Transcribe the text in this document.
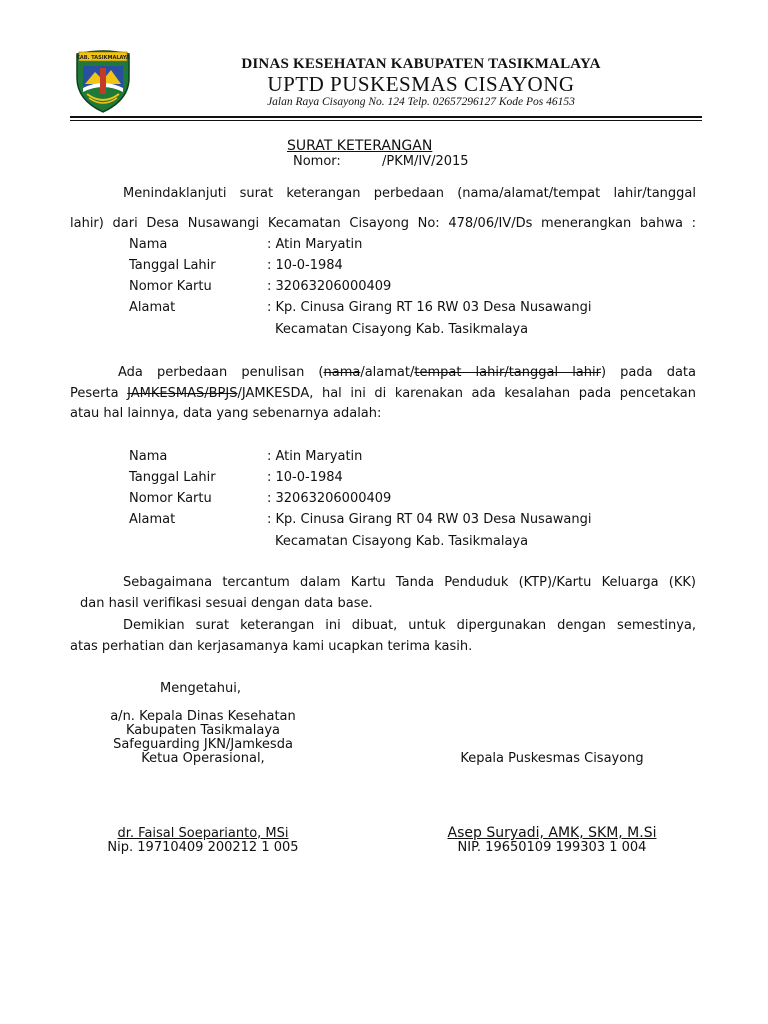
KAB. TASIKMALAYA	DINAS KESEHATAN KABUPATEN TASIKMALAYA
UPTD PUSKESMAS CISAYONG
Jalan Raya Cisayong No. 124 Telp. 02657296127 Kode Pos 46153
SURAT KETERANGAN
Nomor:	/PKM/IV/2015
Menindaklanjuti surat keterangan perbedaan (nama/alamat/tempat lahir/tanggal
lahir) dari Desa Nusawangi Kecamatan Cisayong No: 478/06/IV/Ds menerangkan bahwa :
Nama	: Atin Maryatin
Tanggal Lahir	: 10-0-1984
Nomor Kartu	: 32063206000409
Alamat	: Kp. Cinusa Girang RT 16 RW 03 Desa Nusawangi
Kecamatan Cisayong Kab. Tasikmalaya
Ada perbedaan penulisan (nama/alamat/tempat lahir/tanggal lahir) pada data
Peserta JAMKESMAS/BPJS/JAMKESDA, hal ini di karenakan ada kesalahan pada pencetakan
atau hal lainnya, data yang sebenarnya adalah:
Nama	: Atin Maryatin
Tanggal Lahir	: 10-0-1984
Nomor Kartu	: 32063206000409
Alamat	: Kp. Cinusa Girang RT 04 RW 03 Desa Nusawangi
Kecamatan Cisayong Kab. Tasikmalaya
Sebagaimana tercantum dalam Kartu Tanda Penduduk (KTP)/Kartu Keluarga (KK)
dan hasil verifikasi sesuai dengan data base.
Demikian surat keterangan ini dibuat, untuk dipergunakan dengan semestinya,
atas perhatian dan kerjasamanya kami ucapkan terima kasih.
Mengetahui,
a/n. Kepala Dinas Kesehatan
Kabupaten Tasikmalaya
Safeguarding JKN/Jamkesda
Ketua Operasional,
dr. Faisal Soeparianto, MSi
Nip. 19710409 200212 1 005
Kepala Puskesmas Cisayong
Asep Suryadi, AMK, SKM, M.Si
NIP. 19650109 199303 1 004
